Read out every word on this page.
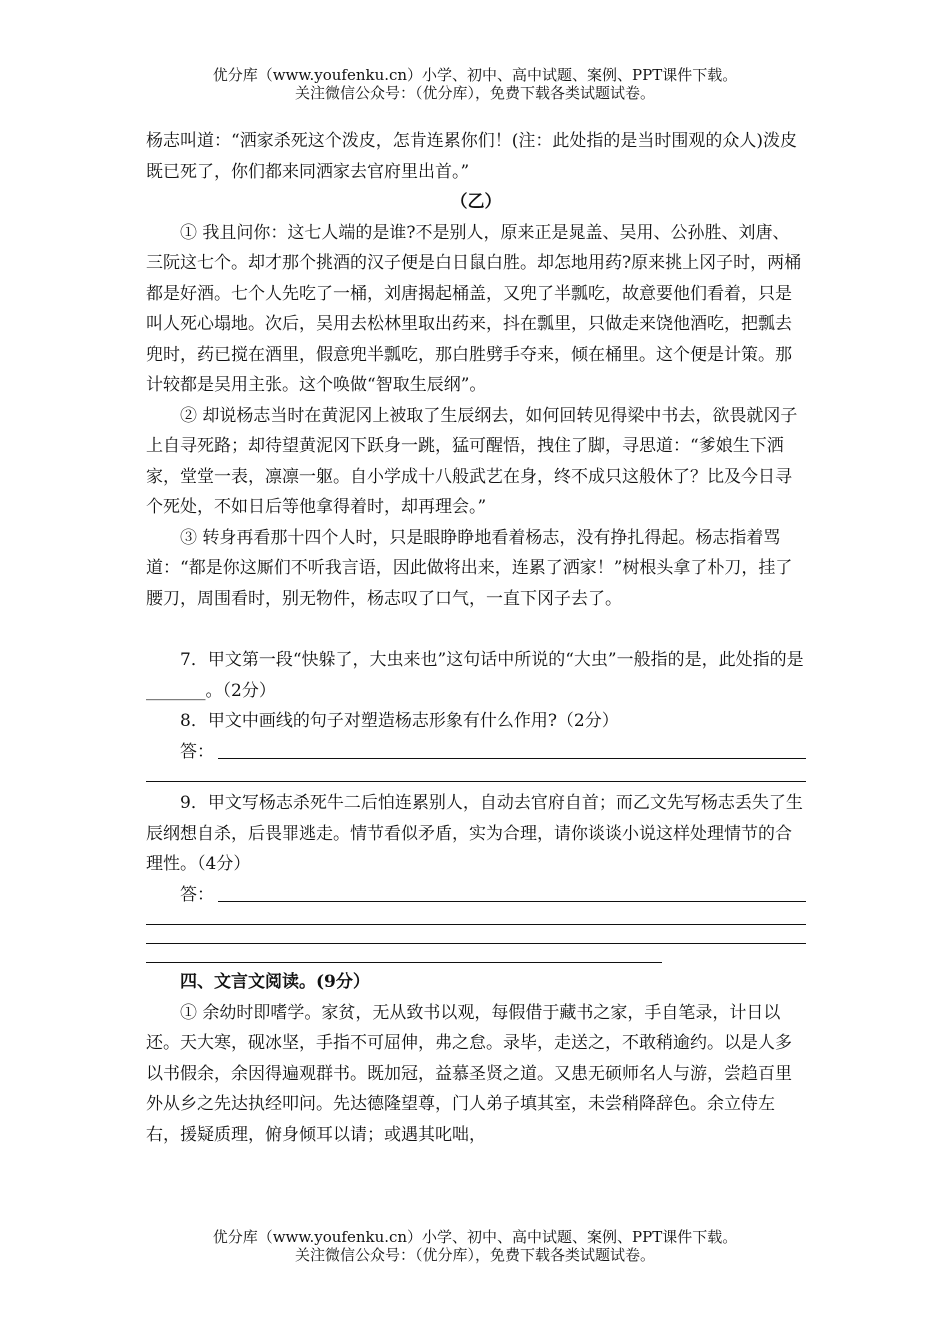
优分库（www.youfenku.cn）小学、初中、高中试题、案例、PPT课件下载。
关注微信公众号：（优分库），免费下载各类试题试卷。

杨志叫道：“洒家杀死这个泼皮，怎肯连累你们！(注：此处指的是当时围观的众人)泼皮既已死了，你们都来同洒家去官府里出首。”

（乙）

① 我且问你：这七人端的是谁?不是别人，原来正是晁盖、吴用、公孙胜、刘唐、三阮这七个。却才那个挑酒的汉子便是白日鼠白胜。却怎地用药?原来挑上冈子时，两桶都是好酒。七个人先吃了一桶，刘唐揭起桶盖，又兜了半瓢吃，故意要他们看着，只是叫人死心塌地。次后，吴用去松林里取出药来，抖在瓢里，只做走来饶他酒吃，把瓢去兜时，药已搅在酒里，假意兜半瓢吃，那白胜劈手夺来，倾在桶里。这个便是计策。那计较都是吴用主张。这个唤做“智取生辰纲”。

② 却说杨志当时在黄泥冈上被取了生辰纲去，如何回转见得梁中书去，欲畏就冈子上自寻死路；却待望黄泥冈下跃身一跳，猛可醒悟，拽住了脚，寻思道：“爹娘生下洒家，堂堂一表，凛凛一躯。自小学成十八般武艺在身，终不成只这般休了？比及今日寻个死处，不如日后等他拿得着时，却再理会。”

③ 转身再看那十四个人时，只是眼睁睁地看着杨志，没有挣扎得起。杨志指着骂道：“都是你这厮们不听我言语，因此做将出来，连累了洒家！”树根头拿了朴刀，挂了腰刀，周围看时，别无物件，杨志叹了口气，一直下冈子去了。

7．甲文第一段“快躲了，大虫来也”这句话中所说的“大虫”一般指的是，此处指的是_______。（2分）

8．甲文中画线的句子对塑造杨志形象有什么作用?（2分）

答：

9．甲文写杨志杀死牛二后怕连累别人，自动去官府自首；而乙文先写杨志丢失了生辰纲想自杀，后畏罪逃走。情节看似矛盾，实为合理，请你谈谈小说这样处理情节的合理性。（4分）

答：

四、文言文阅读。(9分）

① 余幼时即嗜学。家贫，无从致书以观，每假借于藏书之家，手自笔录，计日以还。天大寒，砚冰坚，手指不可屈伸，弗之怠。录毕，走送之，不敢稍逾约。以是人多以书假余，余因得遍观群书。既加冠，益慕圣贤之道。又患无硕师名人与游，尝趋百里外从乡之先达执经叩问。先达德隆望尊，门人弟子填其室，未尝稍降辞色。余立侍左右，援疑质理，俯身倾耳以请；或遇其叱咄，

优分库（www.youfenku.cn）小学、初中、高中试题、案例、PPT课件下载。
关注微信公众号：（优分库），免费下载各类试题试卷。
